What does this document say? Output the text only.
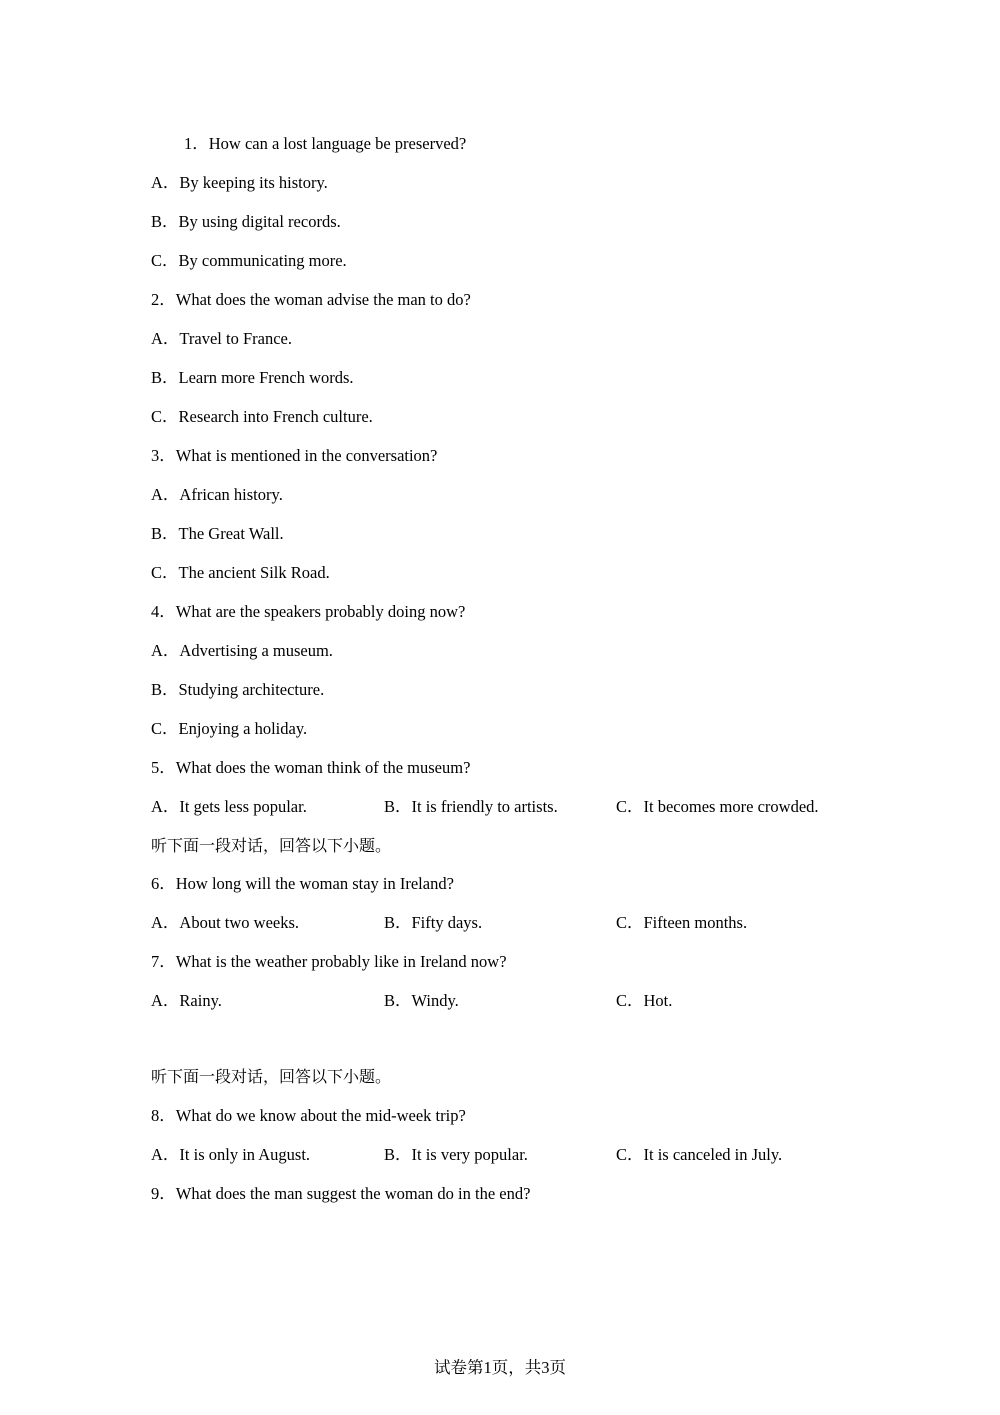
1．How can a lost language be preserved?
A．By keeping its history.
B．By using digital records.
C．By communicating more.
2．What does the woman advise the man to do?
A．Travel to France.
B．Learn more French words.
C．Research into French culture.
3．What is mentioned in the conversation?
A．African history.
B．The Great Wall.
C．The ancient Silk Road.
4．What are the speakers probably doing now?
A．Advertising a museum.
B．Studying architecture.
C．Enjoying a holiday.
5．What does the woman think of the museum?
A．It gets less popular.	B．It is friendly to artists.	C．It becomes more crowded.
听下面一段对话，回答以下小题。
6．How long will the woman stay in Ireland?
A．About two weeks.	B．Fifty days.	C．Fifteen months.
7．What is the weather probably like in Ireland now?
A．Rainy.	B．Windy.	C．Hot.
听下面一段对话，回答以下小题。
8．What do we know about the mid-week trip?
A．It is only in August.	B．It is very popular.	C．It is canceled in July.
9．What does the man suggest the woman do in the end?
试卷第1页，共3页
